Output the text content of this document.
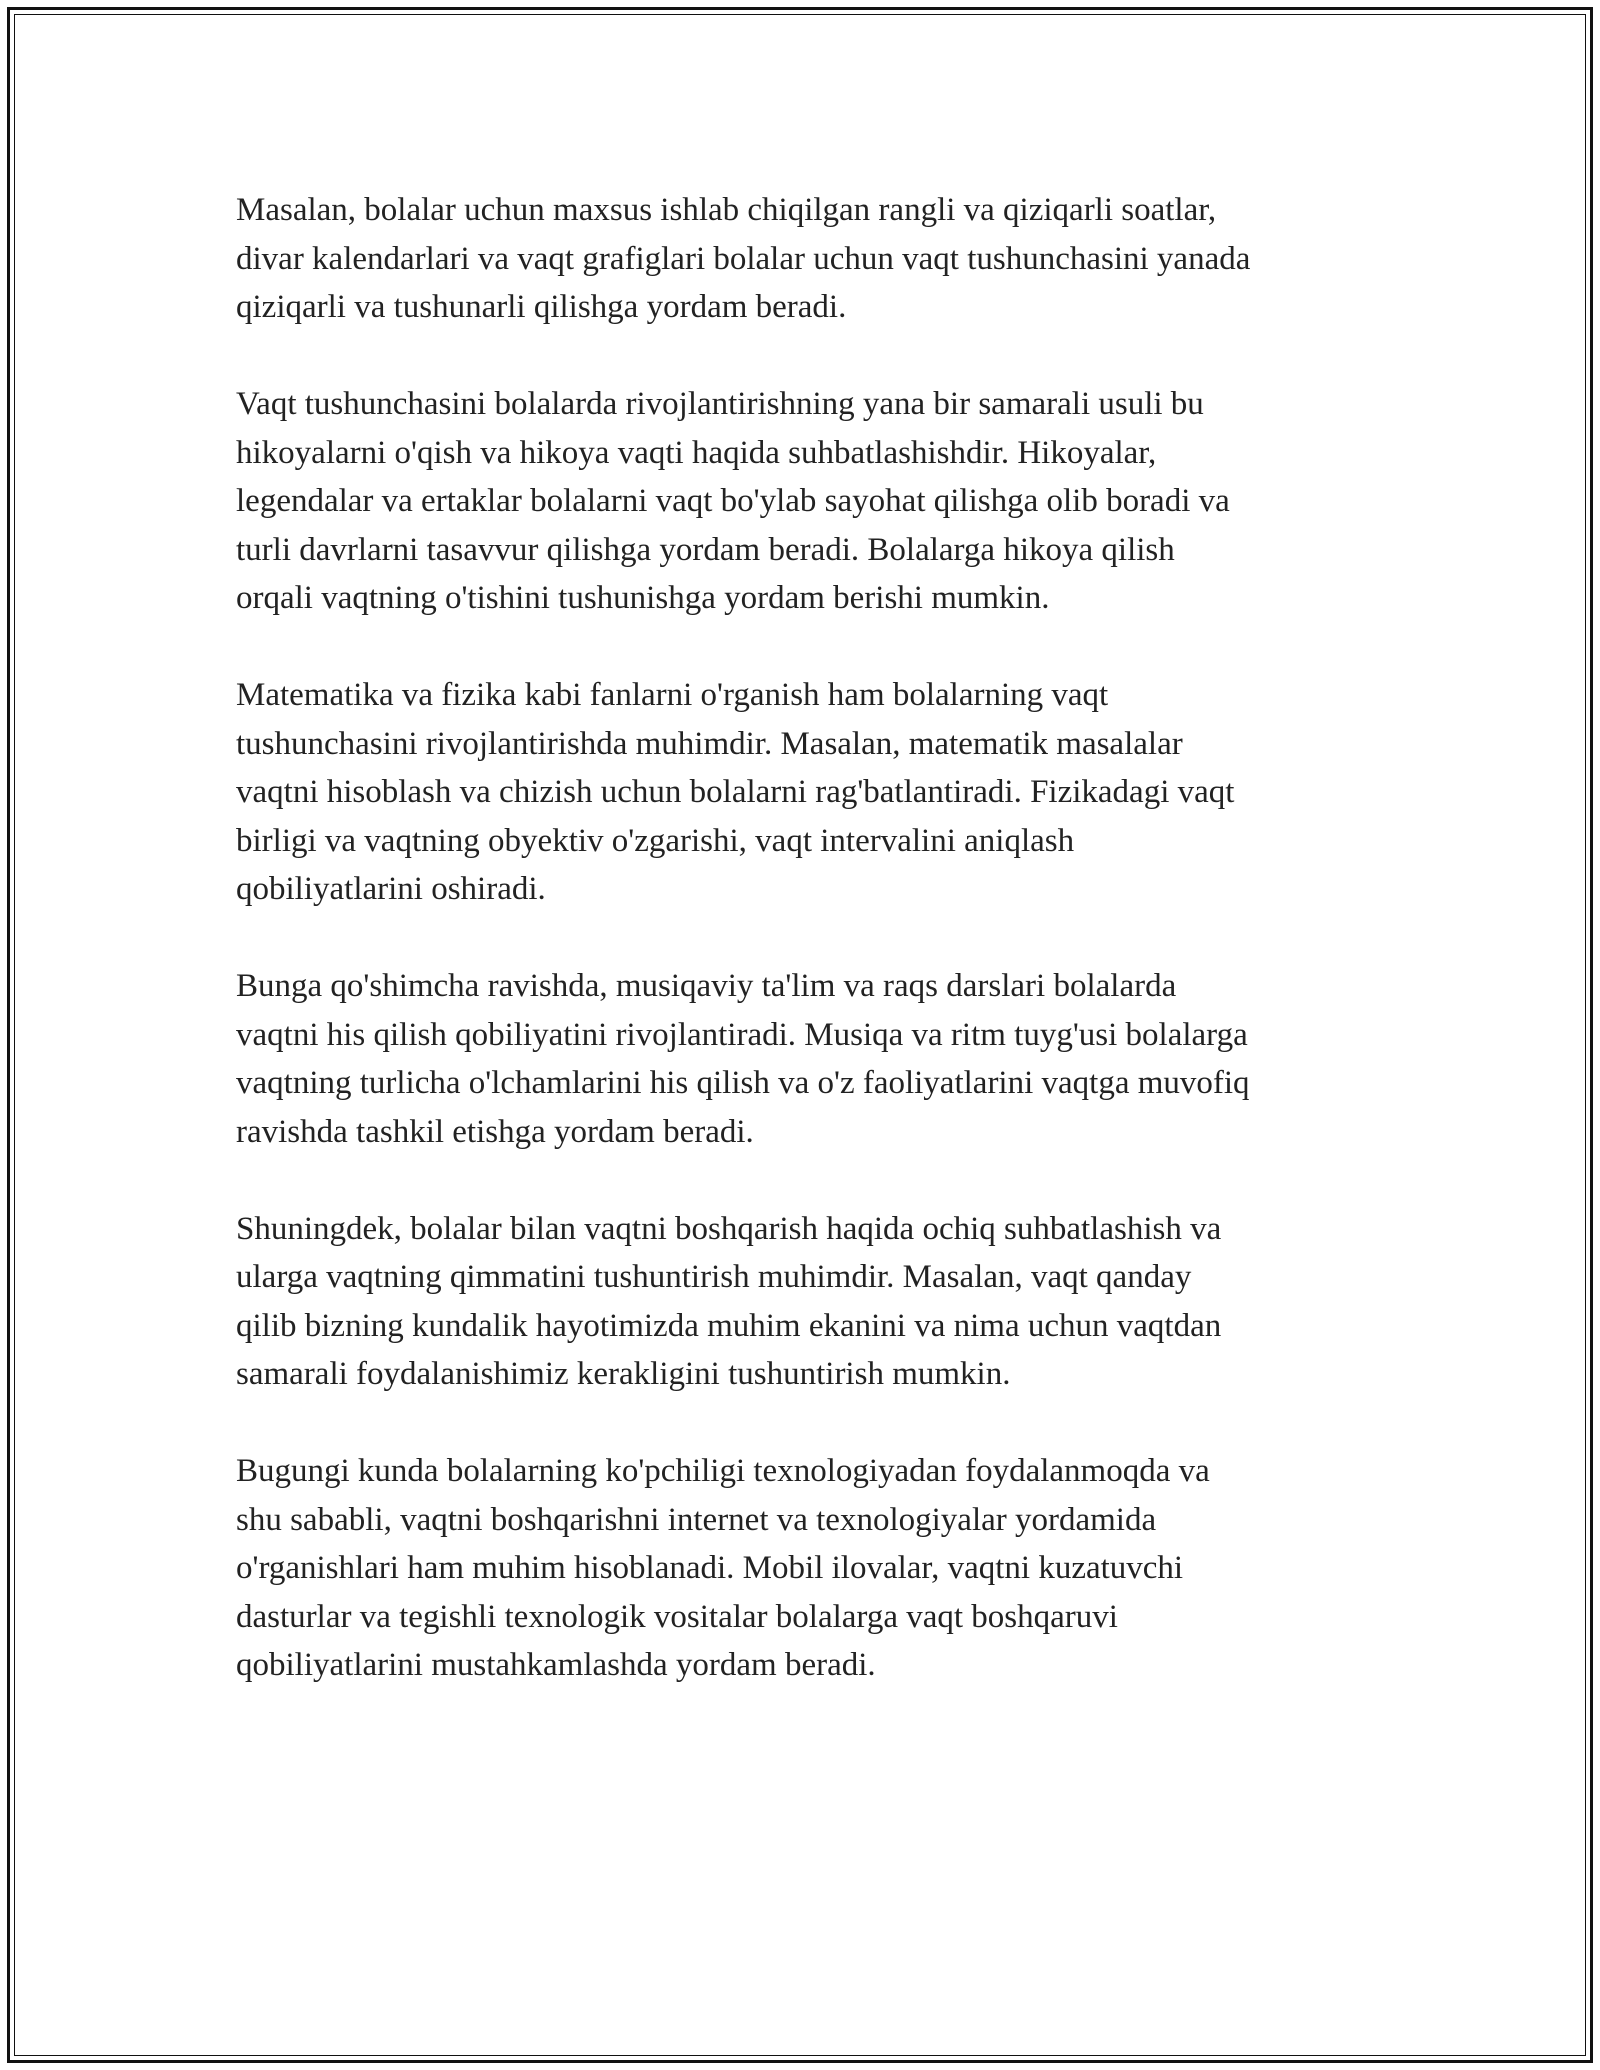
Masalan, bolalar uchun maxsus ishlab chiqilgan rangli va qiziqarli soatlar,
divar kalendarlari va vaqt grafiglari bolalar uchun vaqt tushunchasini yanada
qiziqarli va tushunarli qilishga yordam beradi.

Vaqt tushunchasini bolalarda rivojlantirishning yana bir samarali usuli bu
hikoyalarni o'qish va hikoya vaqti haqida suhbatlashishdir. Hikoyalar,
legendalar va ertaklar bolalarni vaqt bo'ylab sayohat qilishga olib boradi va
turli davrlarni tasavvur qilishga yordam beradi. Bolalarga hikoya qilish
orqali vaqtning o'tishini tushunishga yordam berishi mumkin.

Matematika va fizika kabi fanlarni o'rganish ham bolalarning vaqt
tushunchasini rivojlantirishda muhimdir. Masalan, matematik masalalar
vaqtni hisoblash va chizish uchun bolalarni rag'batlantiradi. Fizikadagi vaqt
birligi va vaqtning obyektiv o'zgarishi, vaqt intervalini aniqlash
qobiliyatlarini oshiradi.

Bunga qo'shimcha ravishda, musiqaviy ta'lim va raqs darslari bolalarda
vaqtni his qilish qobiliyatini rivojlantiradi. Musiqa va ritm tuyg'usi bolalarga
vaqtning turlicha o'lchamlarini his qilish va o'z faoliyatlarini vaqtga muvofiq
ravishda tashkil etishga yordam beradi.

Shuningdek, bolalar bilan vaqtni boshqarish haqida ochiq suhbatlashish va
ularga vaqtning qimmatini tushuntirish muhimdir. Masalan, vaqt qanday
qilib bizning kundalik hayotimizda muhim ekanini va nima uchun vaqtdan
samarali foydalanishimiz kerakligini tushuntirish mumkin.

Bugungi kunda bolalarning ko'pchiligi texnologiyadan foydalanmoqda va
shu sababli, vaqtni boshqarishni internet va texnologiyalar yordamida
o'rganishlari ham muhim hisoblanadi. Mobil ilovalar, vaqtni kuzatuvchi
dasturlar va tegishli texnologik vositalar bolalarga vaqt boshqaruvi
qobiliyatlarini mustahkamlashda yordam beradi.
